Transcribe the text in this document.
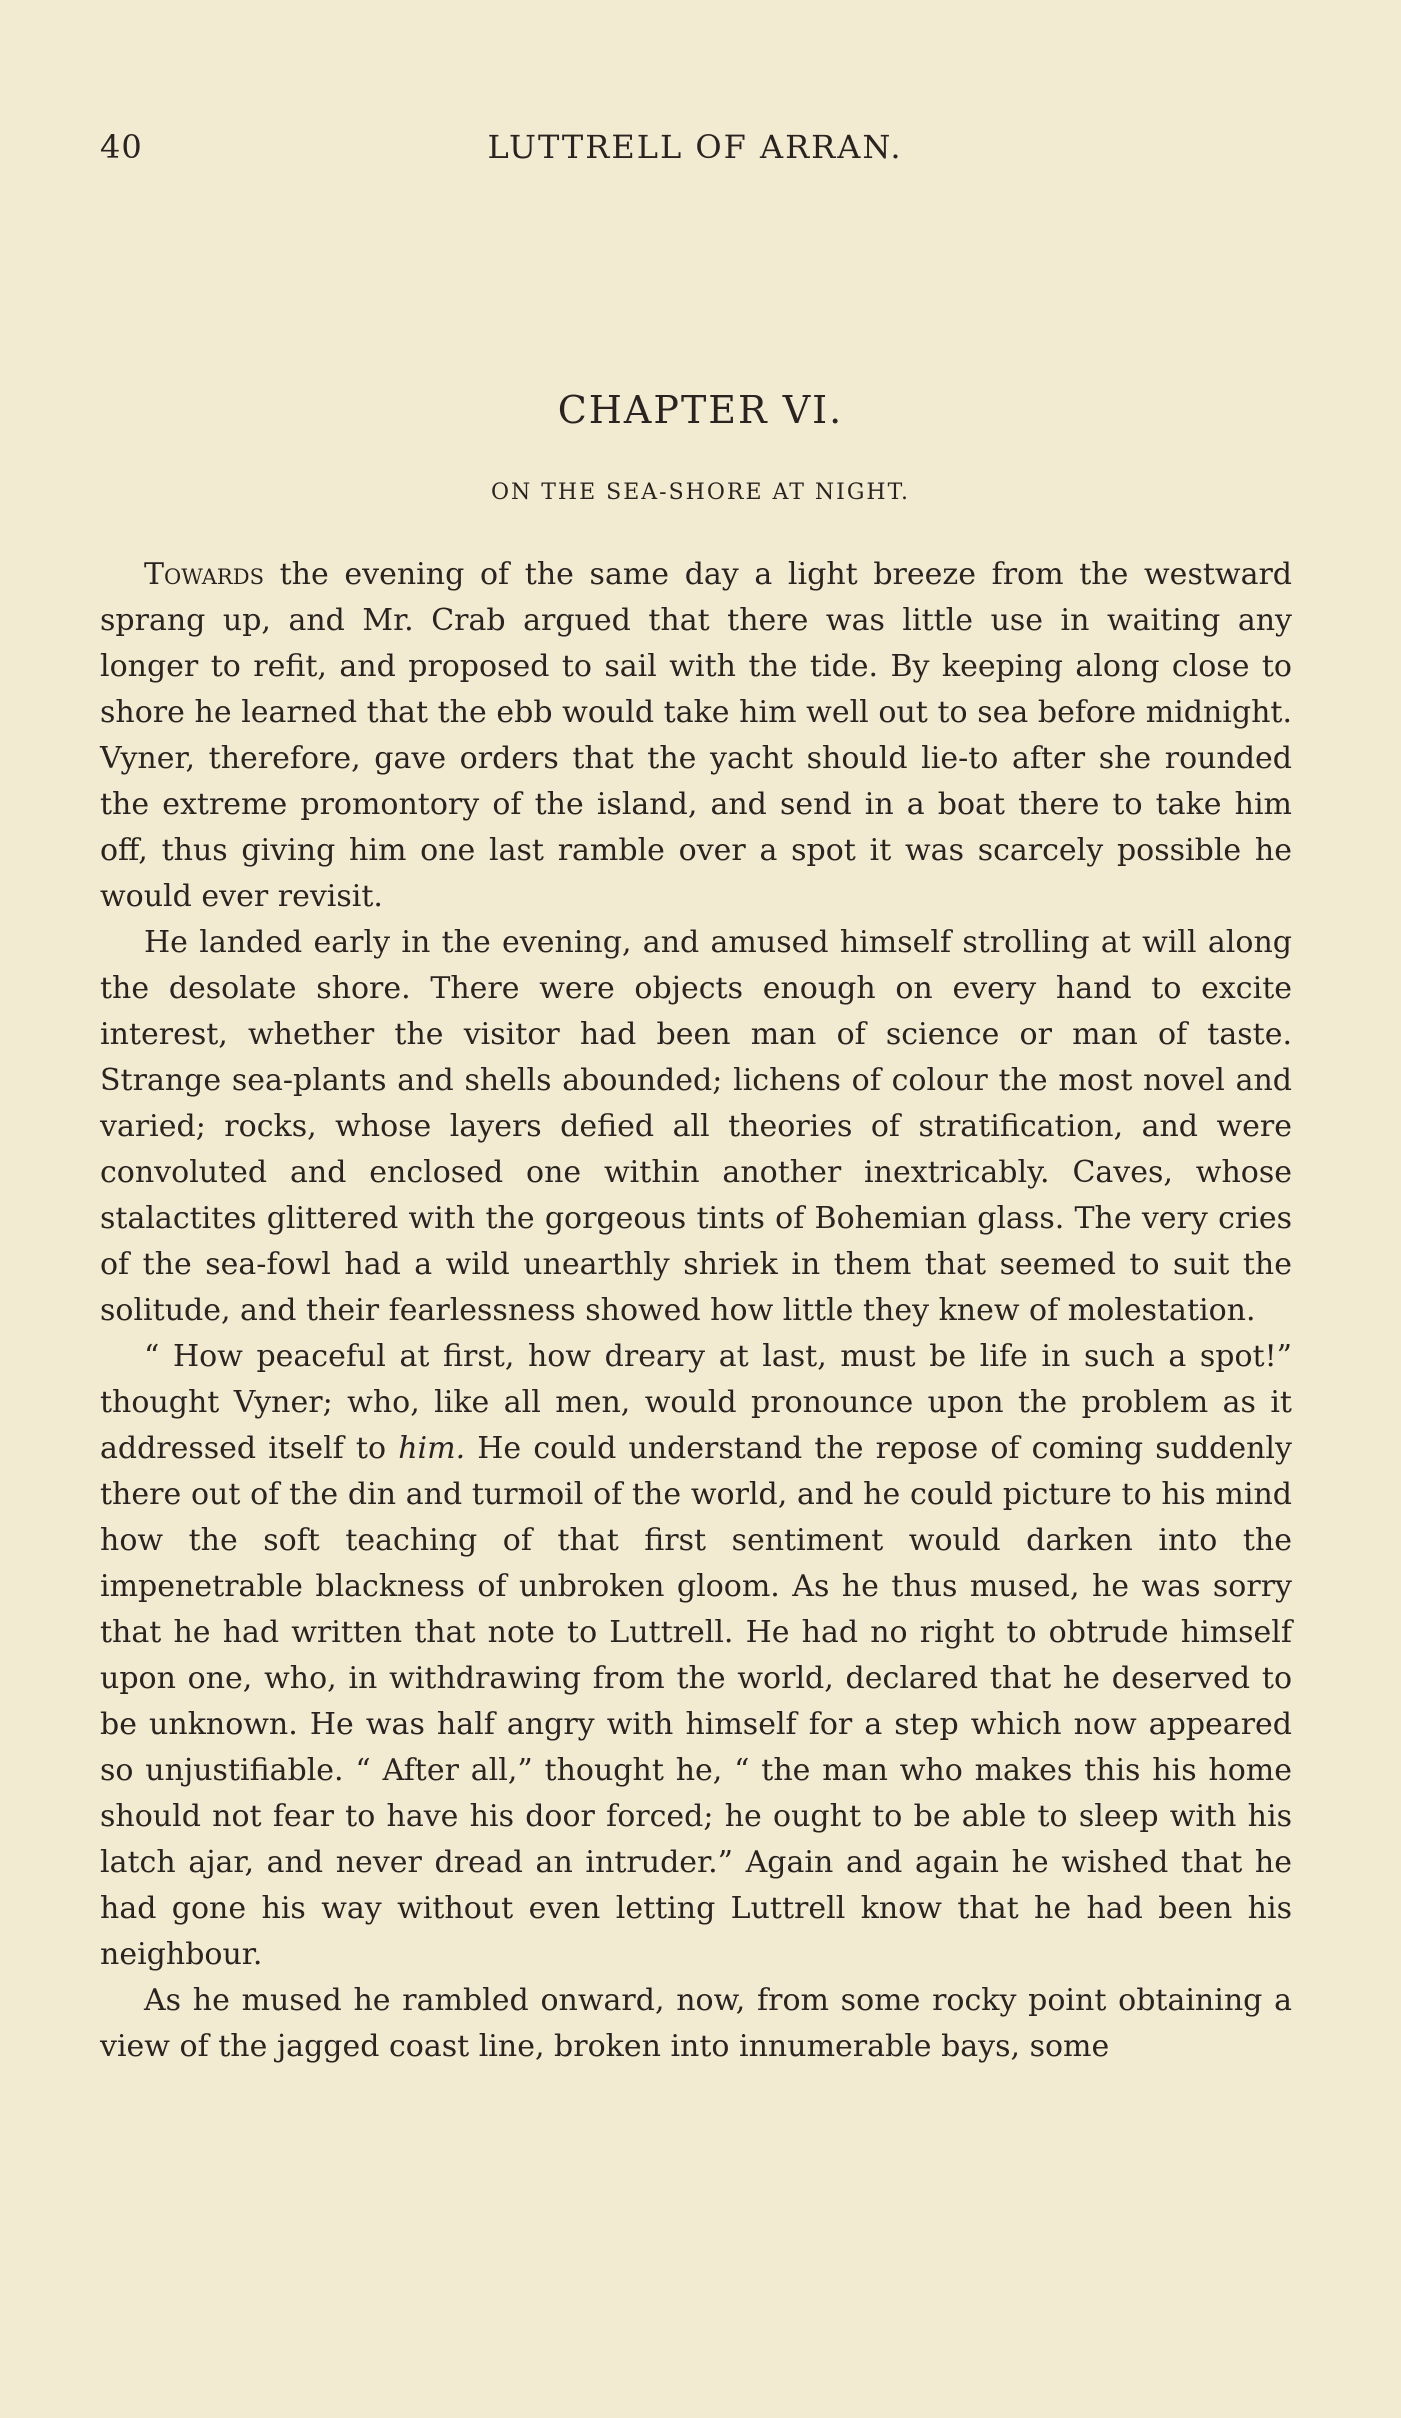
40	LUTTRELL OF ARRAN.
CHAPTER VI.
ON THE SEA-SHORE AT NIGHT.

Towards the evening of the same day a light breeze from the westward sprang up, and Mr. Crab argued that there was little use in waiting any longer to refit, and proposed to sail with the tide. By keeping along close to shore he learned that the ebb would take him well out to sea before midnight. Vyner, therefore, gave orders that the yacht should lie-to after she rounded the extreme promontory of the island, and send in a boat there to take him off, thus giving him one last ramble over a spot it was scarcely possible he would ever revisit.

He landed early in the evening, and amused himself strolling at will along the desolate shore. There were objects enough on every hand to excite interest, whether the visitor had been man of science or man of taste. Strange sea-plants and shells abounded; lichens of colour the most novel and varied; rocks, whose layers defied all theories of stratification, and were convoluted and enclosed one within another inextricably. Caves, whose stalactites glittered with the gorgeous tints of Bohemian glass. The very cries of the sea-fowl had a wild unearthly shriek in them that seemed to suit the solitude, and their fearlessness showed how little they knew of molestation.

“ How peaceful at first, how dreary at last, must be life in such a spot!” thought Vyner; who, like all men, would pronounce upon the problem as it addressed itself to him. He could understand the repose of coming suddenly there out of the din and turmoil of the world, and he could picture to his mind how the soft teaching of that first sentiment would darken into the impenetrable blackness of unbroken gloom. As he thus mused, he was sorry that he had written that note to Luttrell. He had no right to obtrude himself upon one, who, in withdrawing from the world, declared that he deserved to be unknown. He was half angry with himself for a step which now appeared so unjustifiable. “ After all,” thought he, “ the man who makes this his home should not fear to have his door forced; he ought to be able to sleep with his latch ajar, and never dread an intruder.” Again and again he wished that he had gone his way without even letting Luttrell know that he had been his neighbour.

As he mused he rambled onward, now, from some rocky point obtaining a view of the jagged coast line, broken into innumerable bays, some
